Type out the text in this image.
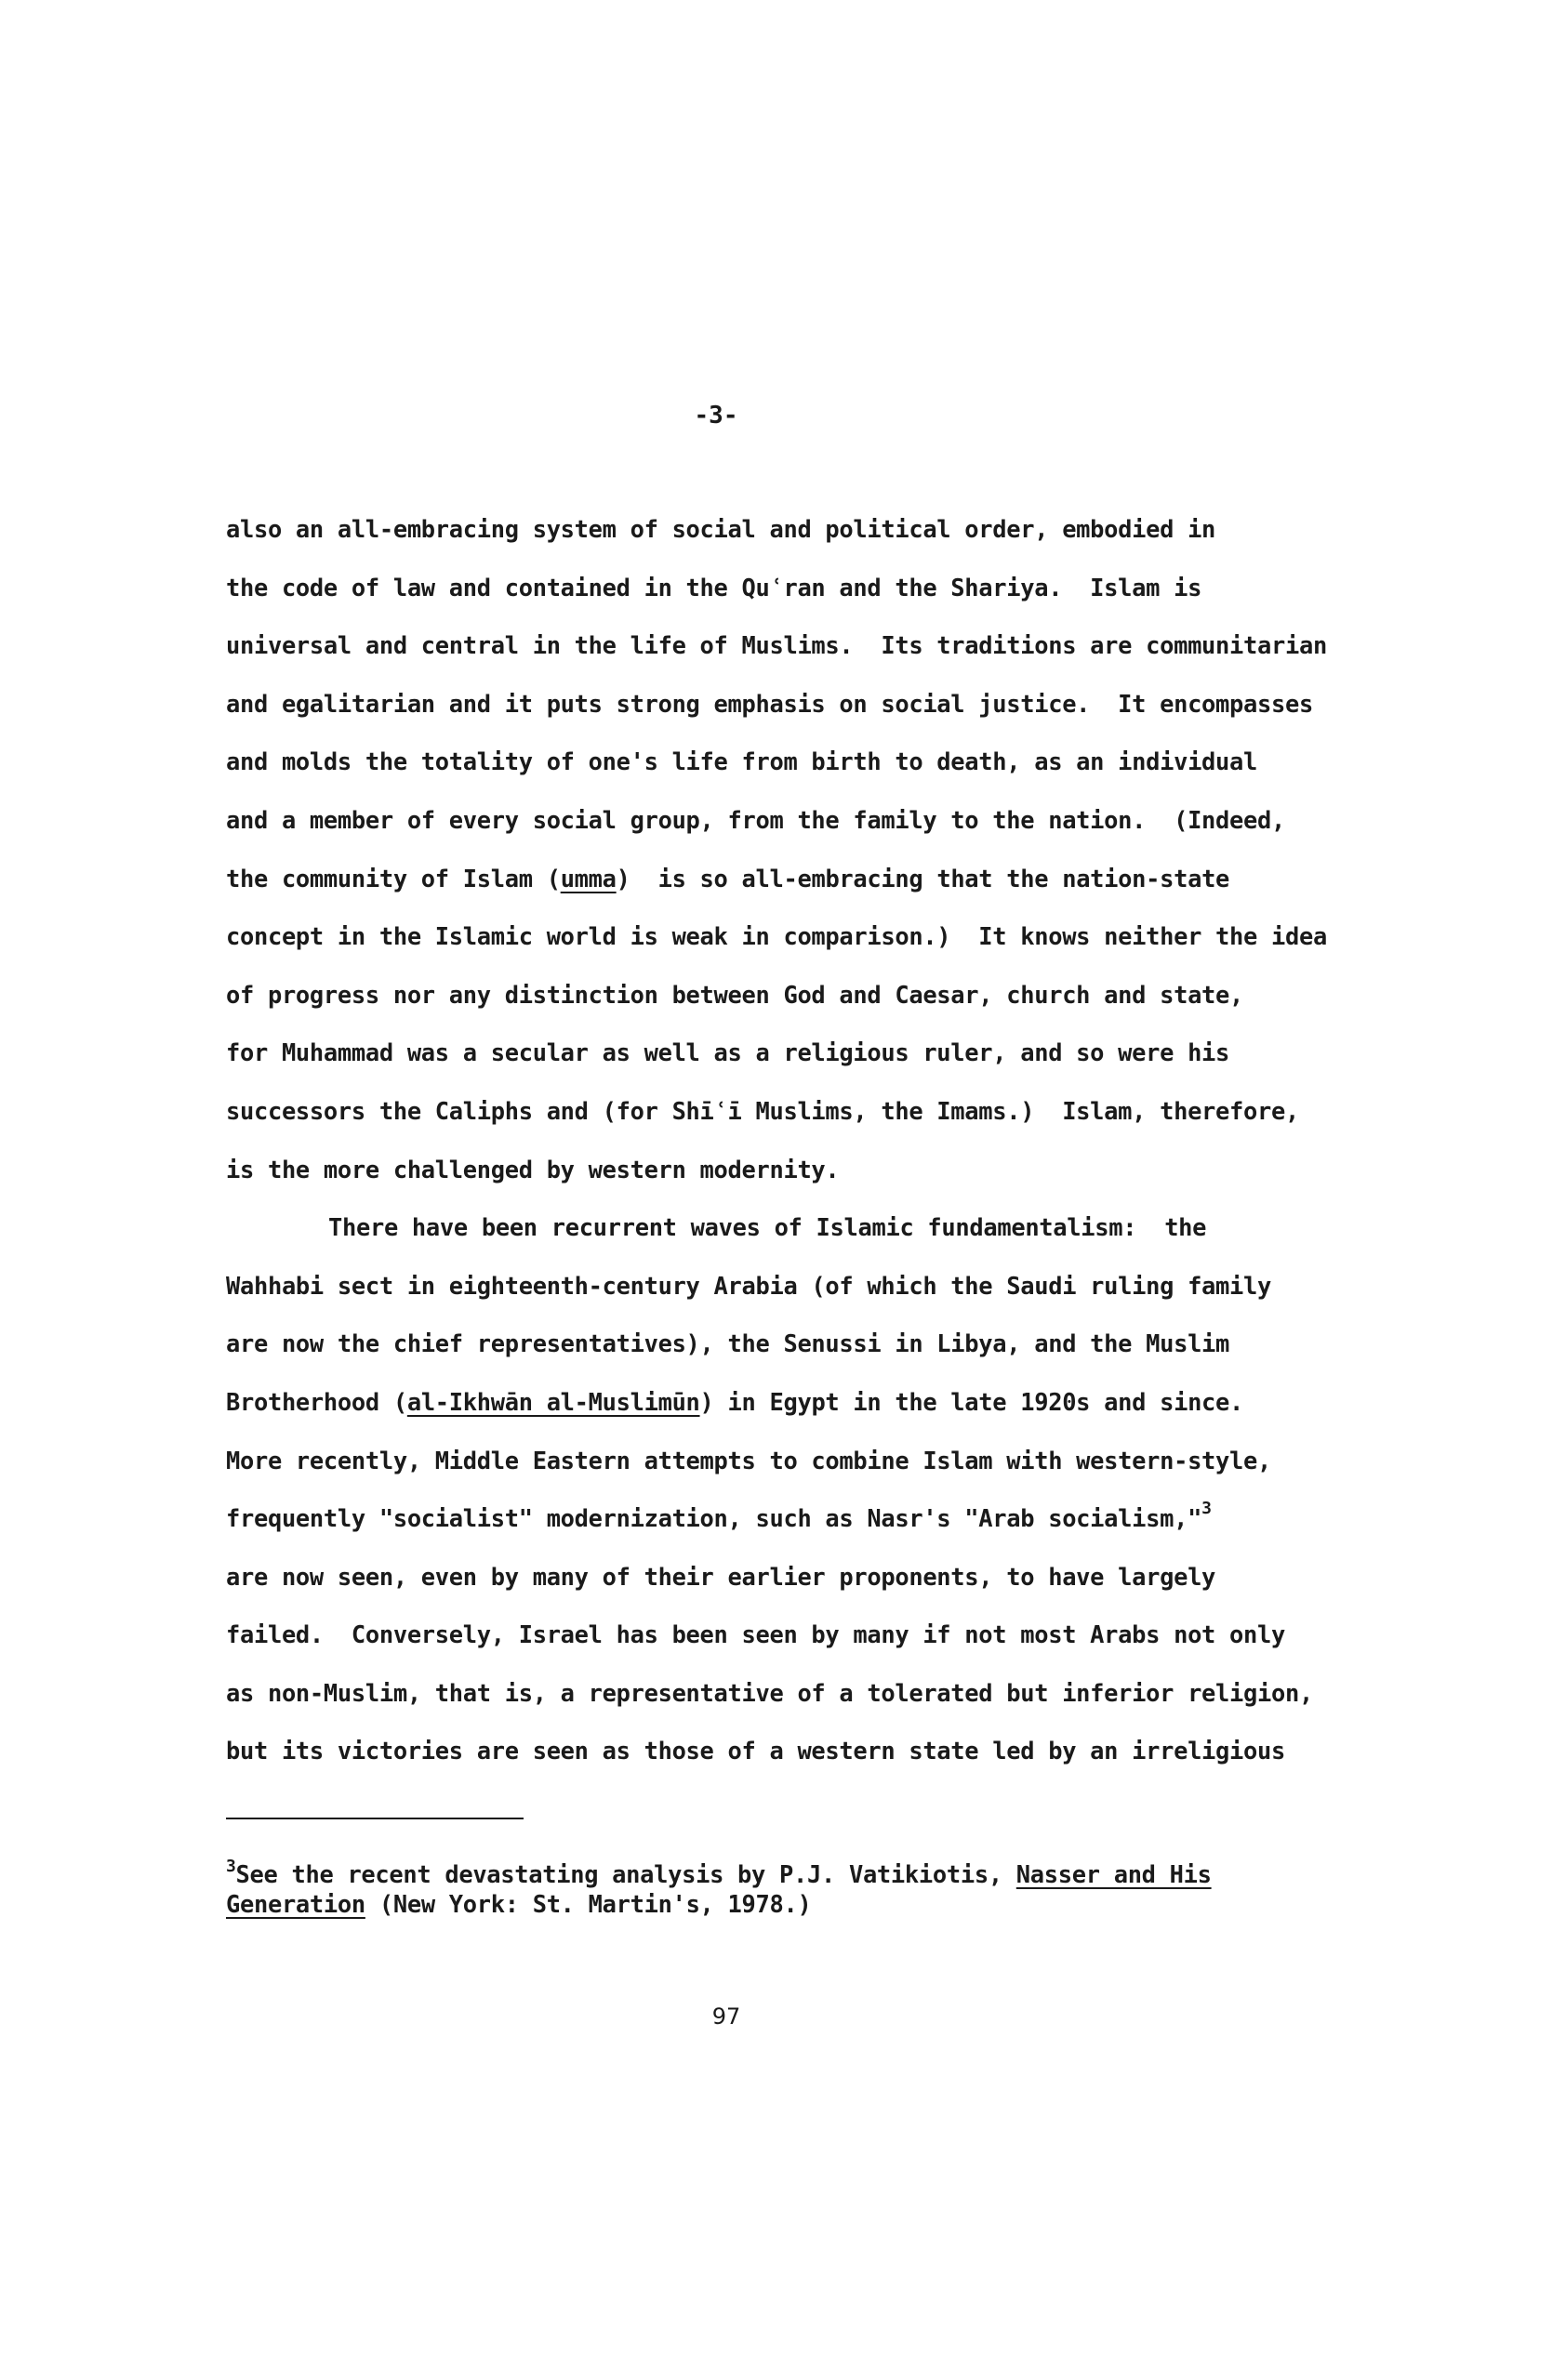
-3-
also an all-embracing system of social and political order, embodied in
the code of law and contained in the Quʿran and the Shariya.  Islam is
universal and central in the life of Muslims.  Its traditions are communitarian
and egalitarian and it puts strong emphasis on social justice.  It encompasses
and molds the totality of one's life from birth to death, as an individual
and a member of every social group, from the family to the nation.  (Indeed,
the community of Islam (umma)  is so all-embracing that the nation-state
concept in the Islamic world is weak in comparison.)  It knows neither the idea
of progress nor any distinction between God and Caesar, church and state,
for Muhammad was a secular as well as a religious ruler, and so were his
successors the Caliphs and (for Shīʿī Muslims, the Imams.)  Islam, therefore,
is the more challenged by western modernity.
There have been recurrent waves of Islamic fundamentalism:  the
Wahhabi sect in eighteenth-century Arabia (of which the Saudi ruling family
are now the chief representatives), the Senussi in Libya, and the Muslim
Brotherhood (al-Ikhwān al-Muslimūn) in Egypt in the late 1920s and since.
More recently, Middle Eastern attempts to combine Islam with western-style,
frequently "socialist" modernization, such as Nasr's "Arab socialism,"$^3$
are now seen, even by many of their earlier proponents, to have largely
failed.  Conversely, Israel has been seen by many if not most Arabs not only
as non-Muslim, that is, a representative of a tolerated but inferior religion,
but its victories are seen as those of a western state led by an irreligious
$^3$See the recent devastating analysis by P.J. Vatikiotis, Nasser and His
Generation (New York: St. Martin's, 1978.)
97
